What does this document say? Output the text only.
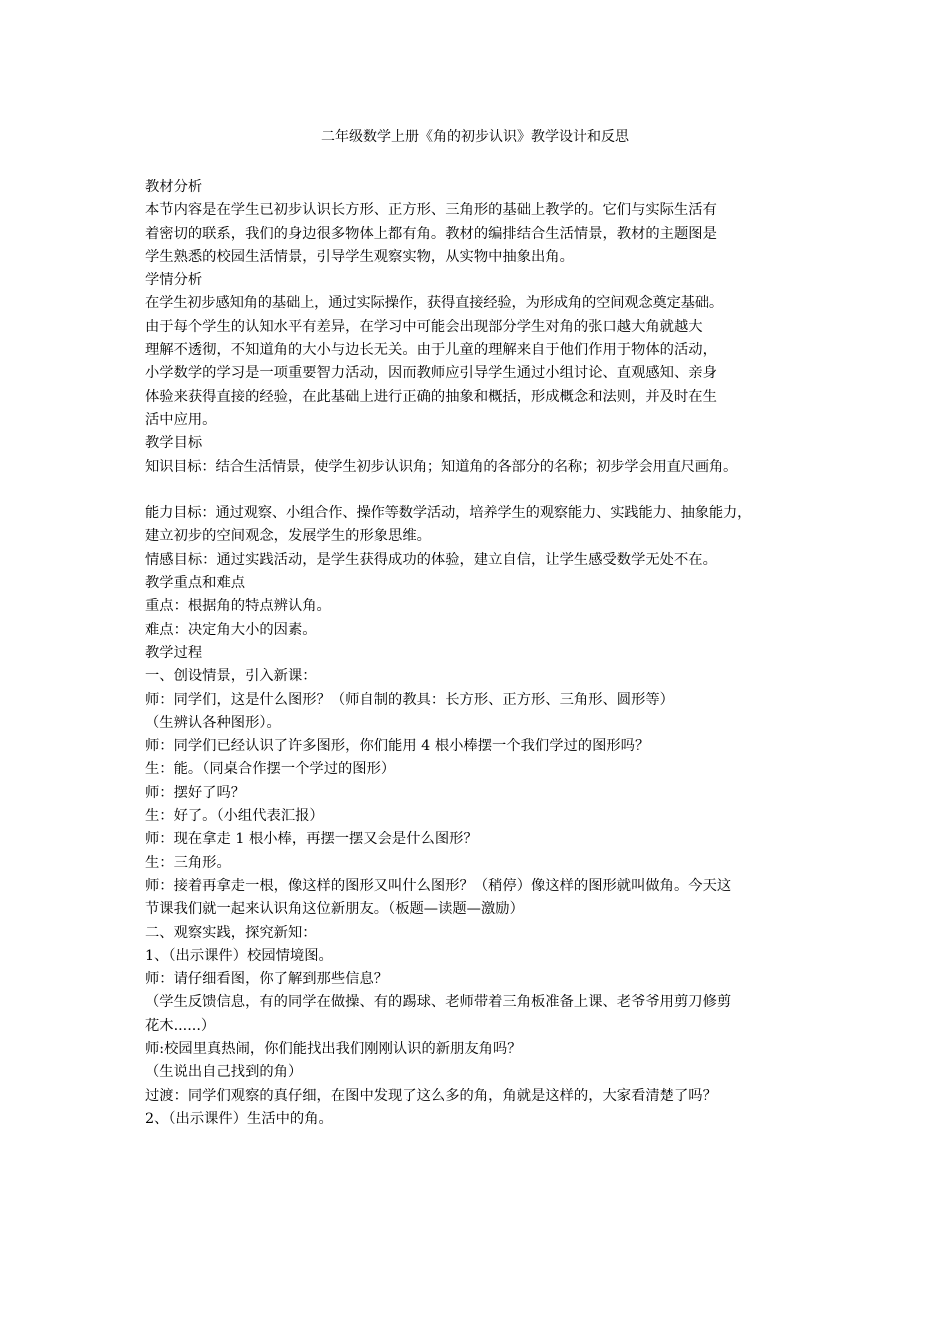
二年级数学上册《角的初步认识》教学设计和反思
教材分析
本节内容是在学生已初步认识长方形、正方形、三角形的基础上教学的。它们与实际生活有
着密切的联系，我们的身边很多物体上都有角。教材的编排结合生活情景，教材的主题图是
学生熟悉的校园生活情景，引导学生观察实物，从实物中抽象出角。
学情分析
在学生初步感知角的基础上，通过实际操作，获得直接经验，为形成角的空间观念奠定基础。
由于每个学生的认知水平有差异，在学习中可能会出现部分学生对角的张口越大角就越大
理解不透彻，不知道角的大小与边长无关。由于儿童的理解来自于他们作用于物体的活动，
小学数学的学习是一项重要智力活动，因而教师应引导学生通过小组讨论、直观感知、亲身
体验来获得直接的经验，在此基础上进行正确的抽象和概括，形成概念和法则，并及时在生
活中应用。
教学目标
知识目标：结合生活情景，使学生初步认识角；知道角的各部分的名称；初步学会用直尺画角。
能力目标：通过观察、小组合作、操作等数学活动，培养学生的观察能力、实践能力、抽象能力，
建立初步的空间观念，发展学生的形象思维。
情感目标：通过实践活动，是学生获得成功的体验，建立自信，让学生感受数学无处不在。
教学重点和难点
重点：根据角的特点辨认角。
难点：决定角大小的因素。
教学过程
一、创设情景，引入新课：
师：同学们，这是什么图形？（师自制的教具：长方形、正方形、三角形、圆形等）
（生辨认各种图形）。
师：同学们已经认识了许多图形，你们能用 4 根小棒摆一个我们学过的图形吗？
生：能。（同桌合作摆一个学过的图形）
师：摆好了吗？
生：好了。（小组代表汇报）
师：现在拿走 1 根小棒，再摆一摆又会是什么图形？
生：三角形。
师：接着再拿走一根，像这样的图形又叫什么图形？（稍停）像这样的图形就叫做角。今天这
节课我们就一起来认识角这位新朋友。（板题—读题—激励）
二、观察实践，探究新知：
1、（出示课件）校园情境图。
师：请仔细看图，你了解到那些信息？
（学生反馈信息，有的同学在做操、有的踢球、老师带着三角板准备上课、老爷爷用剪刀修剪
花木......）
师:校园里真热闹，你们能找出我们刚刚认识的新朋友角吗？
（生说出自己找到的角）
过渡：同学们观察的真仔细，在图中发现了这么多的角，角就是这样的，大家看清楚了吗？
2、（出示课件）生活中的角。
